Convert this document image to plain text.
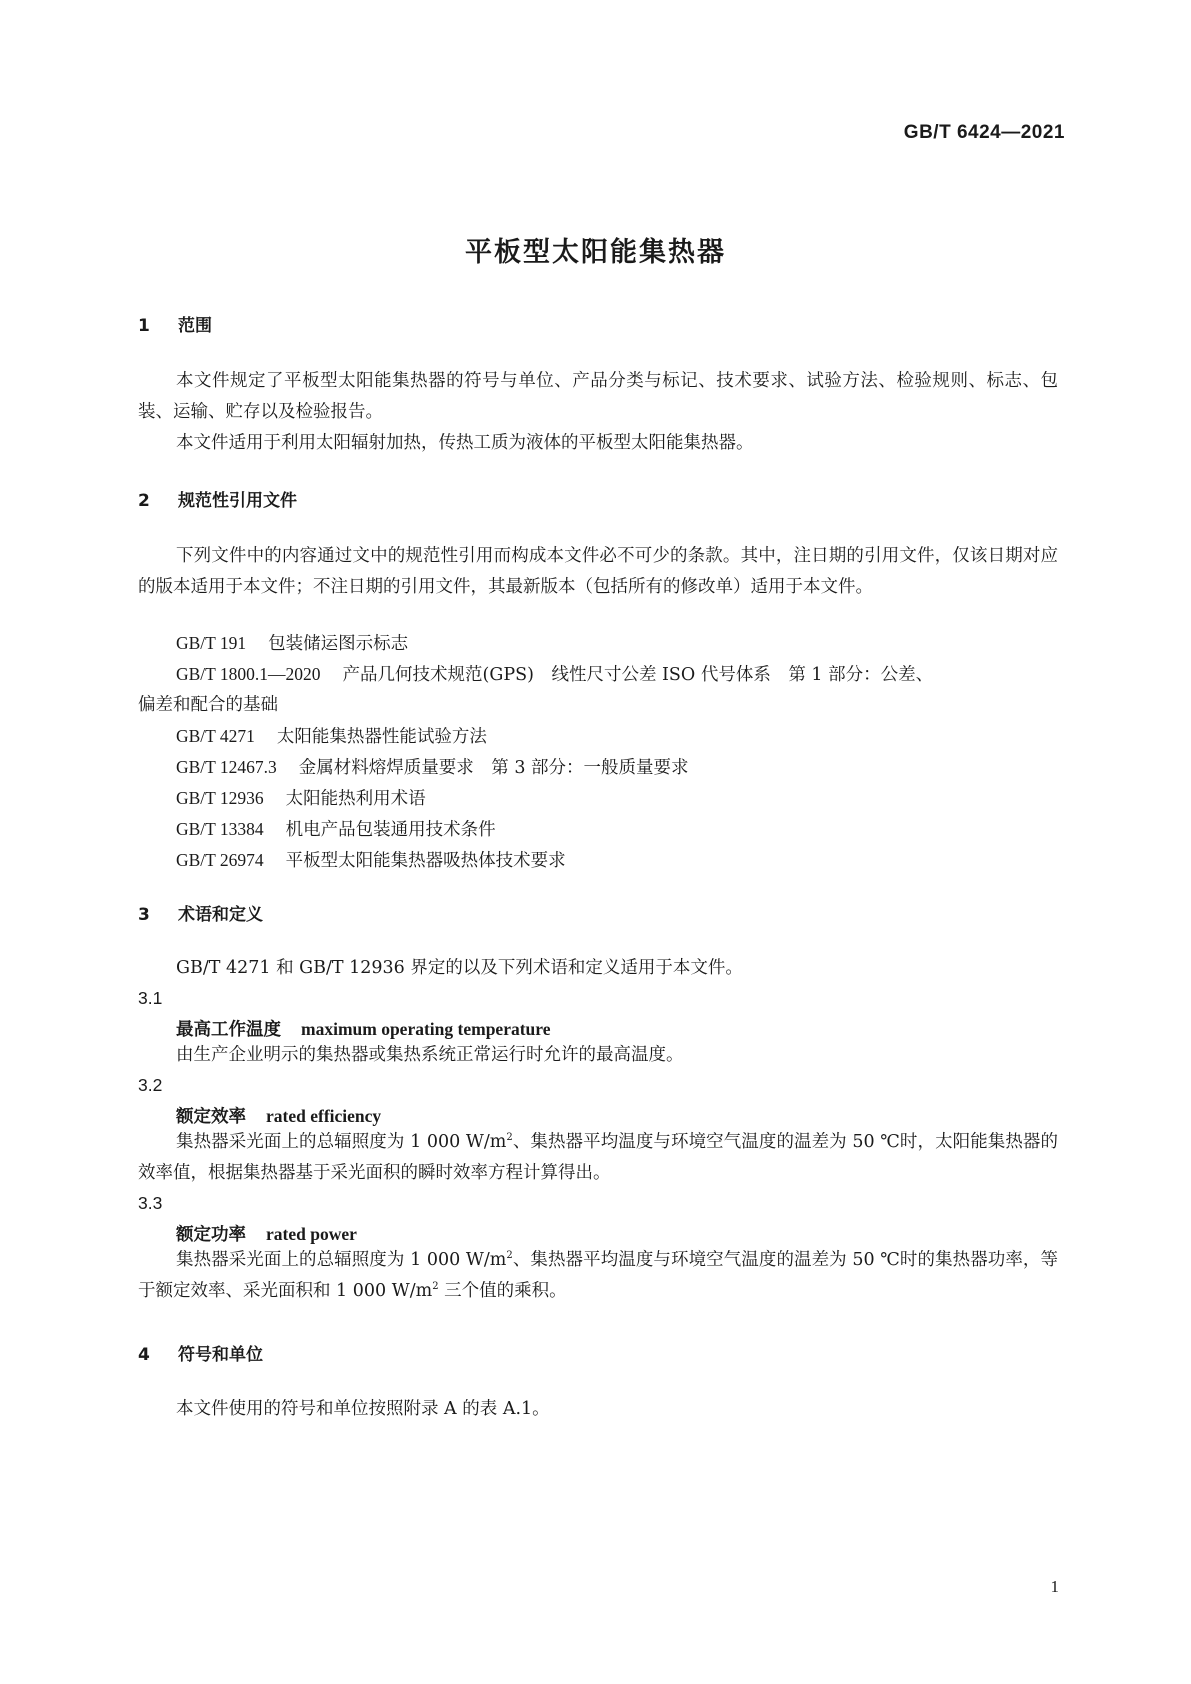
GB/T 6424—2021
平板型太阳能集热器
1 范围
本文件规定了平板型太阳能集热器的符号与单位、产品分类与标记、技术要求、试验方法、检验规则、标志、包装、运输、贮存以及检验报告。
本文件适用于利用太阳辐射加热，传热工质为液体的平板型太阳能集热器。
2 规范性引用文件
下列文件中的内容通过文中的规范性引用而构成本文件必不可少的条款。其中，注日期的引用文件，仅该日期对应的版本适用于本文件；不注日期的引用文件，其最新版本（包括所有的修改单）适用于本文件。
GB/T 191 包装储运图示标志
GB/T 1800.1—2020 产品几何技术规范(GPS)　线性尺寸公差 ISO 代号体系　第 1 部分：公差、
偏差和配合的基础
GB/T 4271 太阳能集热器性能试验方法
GB/T 12467.3 金属材料熔焊质量要求　第 3 部分：一般质量要求
GB/T 12936 太阳能热利用术语
GB/T 13384 机电产品包装通用技术条件
GB/T 26974 平板型太阳能集热器吸热体技术要求
3 术语和定义
GB/T 4271 和 GB/T 12936 界定的以及下列术语和定义适用于本文件。
3.1
最高工作温度 maximum operating temperature
由生产企业明示的集热器或集热系统正常运行时允许的最高温度。
3.2
额定效率 rated efficiency
集热器采光面上的总辐照度为 1 000 $W/m^2$、集热器平均温度与环境空气温度的温差为 50 ℃时，太阳能集热器的效率值，根据集热器基于采光面积的瞬时效率方程计算得出。
3.3
额定功率 rated power
集热器采光面上的总辐照度为 1 000 $W/m^2$、集热器平均温度与环境空气温度的温差为 50 ℃时的集热器功率，等于额定效率、采光面积和 1 000 $W/m^2$ 三个值的乘积。
4 符号和单位
本文件使用的符号和单位按照附录 A 的表 A.1。
1
